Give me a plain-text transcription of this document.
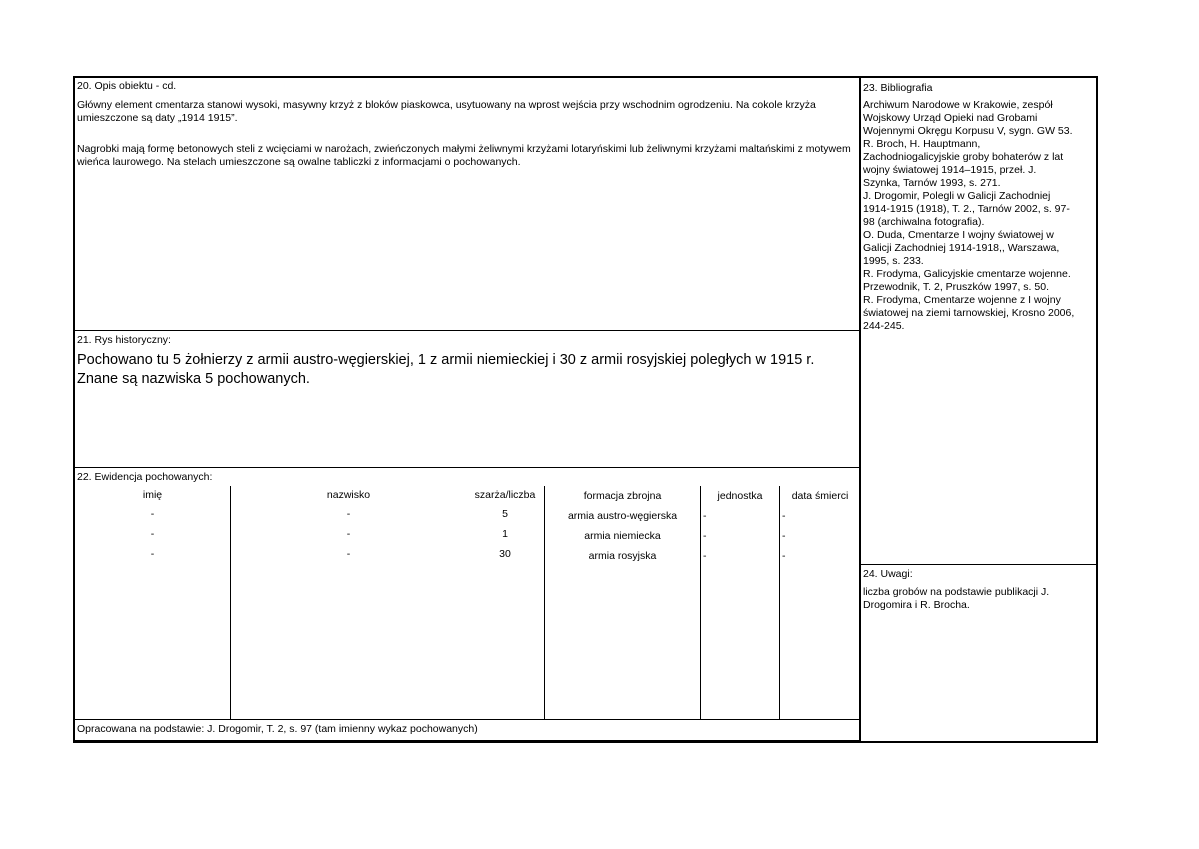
20. Opis obiektu - cd.
Główny element cmentarza stanowi wysoki, masywny krzyż z bloków piaskowca, usytuowany na wprost wejścia przy wschodnim ogrodzeniu. Na cokole krzyża umieszczone są daty „1914 1915”.
Nagrobki mają formę betonowych steli z wcięciami w narożach, zwieńczonych małymi żeliwnymi krzyżami lotaryńskimi lub żeliwnymi krzyżami maltańskimi z motywem wieńca laurowego. Na stelach umieszczone są owalne tabliczki z informacjami o pochowanych.
21. Rys historyczny:
Pochowano tu 5 żołnierzy z armii austro-węgierskiej, 1 z armii niemieckiej i 30 z armii rosyjskiej poległych w 1915 r. Znane są nazwiska 5 pochowanych.
22. Ewidencja pochowanych:
imię	nazwisko	szarża/liczba	formacja zbrojna	jednostka	data śmierci
-	-	5	armia austro-węgierska	-	-
-	-	1	armia niemiecka	-	-
-	-	30	armia rosyjska	-	-
Opracowana na podstawie: J. Drogomir, T. 2, s. 97 (tam imienny wykaz pochowanych)
23. Bibliografia
Archiwum Narodowe w Krakowie, zespół
Wojskowy Urząd Opieki nad Grobami
Wojennymi Okręgu Korpusu V, sygn. GW 53.
R. Broch, H. Hauptmann,
Zachodniogalicyjskie groby bohaterów z lat
wojny światowej 1914–1915, przeł. J.
Szynka, Tarnów 1993, s. 271.
J. Drogomir, Polegli w Galicji Zachodniej
1914-1915 (1918), T. 2., Tarnów 2002, s. 97-
98 (archiwalna fotografia).
O. Duda, Cmentarze I wojny światowej w
Galicji Zachodniej 1914-1918,, Warszawa,
1995, s. 233.
R. Frodyma, Galicyjskie cmentarze wojenne.
Przewodnik, T. 2, Pruszków 1997, s. 50.
R. Frodyma, Cmentarze wojenne z I wojny
światowej na ziemi tarnowskiej, Krosno 2006,
244-245.
24. Uwagi:
liczba grobów na podstawie publikacji J.
Drogomira i R. Brocha.
